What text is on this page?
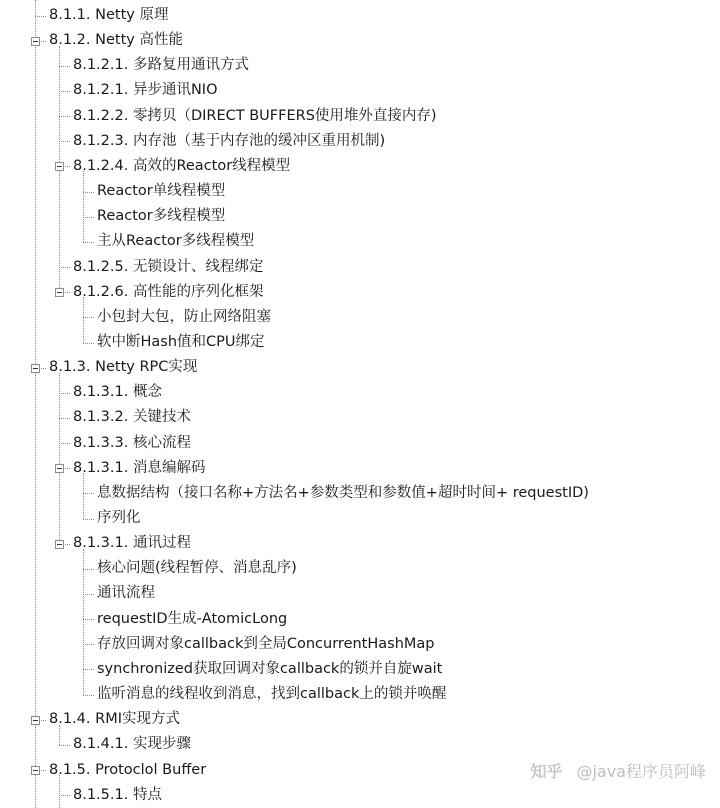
8.1.1. Netty 原理
8.1.2. Netty 高性能
8.1.2.1. 多路复用通讯方式
8.1.2.1. 异步通讯NIO
8.1.2.2. 零拷贝（DIRECT BUFFERS使用堆外直接内存)
8.1.2.3. 内存池（基于内存池的缓冲区重用机制)
8.1.2.4. 高效的Reactor线程模型
Reactor单线程模型
Reactor多线程模型
主从Reactor多线程模型
8.1.2.5. 无锁设计、线程绑定
8.1.2.6. 高性能的序列化框架
小包封大包，防止网络阻塞
软中断Hash值和CPU绑定
8.1.3. Netty RPC实现
8.1.3.1. 概念
8.1.3.2. 关键技术
8.1.3.3. 核心流程
8.1.3.1. 消息编解码
息数据结构（接口名称+方法名+参数类型和参数值+超时时间+ requestID)
序列化
8.1.3.1. 通讯过程
核心问题(线程暂停、消息乱序)
通讯流程
requestID生成-AtomicLong
存放回调对象callback到全局ConcurrentHashMap
synchronized获取回调对象callback的锁并自旋wait
监听消息的线程收到消息，找到callback上的锁并唤醒
8.1.4. RMI实现方式
8.1.4.1. 实现步骤
8.1.5. Protoclol Buffer
8.1.5.1. 特点
知乎 @java程序员阿峰
